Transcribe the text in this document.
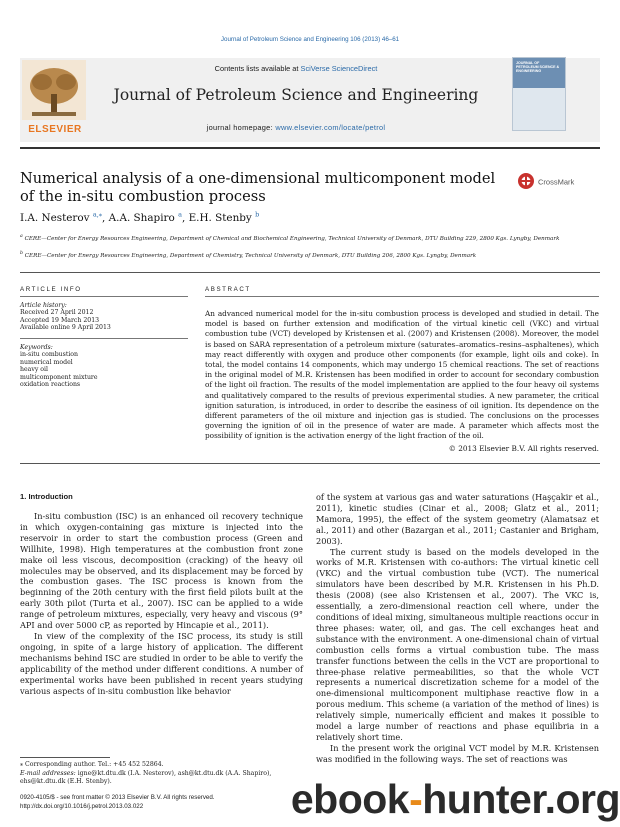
Journal of Petroleum Science and Engineering 106 (2013) 46–61
ELSEVIER
Contents lists available at SciVerse ScienceDirect
Journal of Petroleum Science and Engineering
journal homepage: www.elsevier.com/locate/petrol
JOURNAL OF PETROLEUM SCIENCE & ENGINEERING
Numerical analysis of a one-dimensional multicomponent model of the in-situ combustion process
CrossMark
I.A. Nesterov $^{a,⁎}$, A.A. Shapiro $^a$, E.H. Stenby $^b$
$^a$ CERE—Center for Energy Resources Engineering, Department of Chemical and Biochemical Engineering, Technical University of Denmark, DTU Building 229, 2800 Kgs. Lyngby, Denmark
$^b$ CERE—Center for Energy Resources Engineering, Department of Chemistry, Technical University of Denmark, DTU Building 206, 2800 Kgs. Lyngby, Denmark
ARTICLE INFO
Article history:
Received 27 April 2012
Accepted 19 March 2013
Available online 9 April 2013
Keywords:
in-situ combustion
numerical model
heavy oil
multicomponent mixture
oxidation reactions
ABSTRACT
An advanced numerical model for the in-situ combustion process is developed and studied in detail. The model is based on further extension and modification of the virtual kinetic cell (VKC) and virtual combustion tube (VCT) developed by Kristensen et al. (2007) and Kristensen (2008). Moreover, the model is based on SARA representation of a petroleum mixture (saturates–aromatics–resins–asphaltenes), which may react differently with oxygen and produce other components (for example, light oils and coke). In total, the model contains 14 components, which may undergo 15 chemical reactions. The set of reactions in the original model of M.R. Kristensen has been modified in order to account for secondary combustion of the light oil fraction. The results of the model implementation are applied to the four heavy oil systems and qualitatively compared to the results of previous experimental studies. A new parameter, the critical ignition saturation, is introduced, in order to describe the easiness of oil ignition. Its dependence on the different parameters of the oil mixture and injection gas is studied. The conclusions on the processes governing the ignition of oil in the presence of water are made. A parameter which affects most the possibility of ignition is the activation energy of the light fraction of the oil.
© 2013 Elsevier B.V. All rights reserved.
1. Introduction

In-situ combustion (ISC) is an enhanced oil recovery technique in which oxygen-containing gas mixture is injected into the reservoir in order to start the combustion process (Green and Willhite, 1998). High temperatures at the combustion front zone make oil less viscous, decomposition (cracking) of the heavy oil molecules may be observed, and its displacement may be forced by the combustion gases. The ISC process is known from the beginning of the 20th century with the first field pilots built at the early 30th pilot (Turta et al., 2007). ISC can be applied to a wide range of petroleum mixtures, especially, very heavy and viscous (9° API and over 5000 cP, as reported by Hincapie et al., 2011).

In view of the complexity of the ISC process, its study is still ongoing, in spite of a large history of application. The different mechanisms behind ISC are studied in order to be able to verify the applicability of the method under different conditions. A number of experimental works have been published in recent years studying various aspects of in-situ combustion like behavior

of the system at various gas and water saturations (Haşçakir et al., 2011), kinetic studies (Cinar et al., 2008; Glatz et al., 2011; Mamora, 1995), the effect of the system geometry (Alamatsaz et al., 2011) and other (Bazargan et al., 2011; Castanier and Brigham, 2003).

The current study is based on the models developed in the works of M.R. Kristensen with co-authors: The virtual kinetic cell (VKC) and the virtual combustion tube (VCT). The numerical simulators have been described by M.R. Kristensen in his Ph.D. thesis (2008) (see also Kristensen et al., 2007). The VKC is, essentially, a zero-dimensional reaction cell where, under the conditions of ideal mixing, simultaneous multiple reactions occur in three phases: water, oil, and gas. The cell exchanges heat and substance with the environment. A one-dimensional chain of virtual combustion cells forms a virtual combustion tube. The mass transfer functions between the cells in the VCT are proportional to three-phase relative permeabilities, so that the whole VCT represents a numerical discretization scheme for a model of the one-dimensional multicomponent multiphase reactive flow in a porous medium. This scheme (a variation of the method of lines) is relatively simple, numerically efficient and makes it possible to model a large number of reactions and phase equilibria in a relatively short time.

In the present work the original VCT model by M.R. Kristensen was modified in the following ways. The set of reactions was

⁎ Corresponding author. Tel.: +45 452 52864.
E-mail addresses: igne@kt.dtu.dk (I.A. Nesterov), ash@kt.dtu.dk (A.A. Shapiro), ehs@kt.dtu.dk (E.H. Stenby).
0920-4105/$ - see front matter © 2013 Elsevier B.V. All rights reserved.
http://dx.doi.org/10.1016/j.petrol.2013.03.022	ebook-hunter.org
